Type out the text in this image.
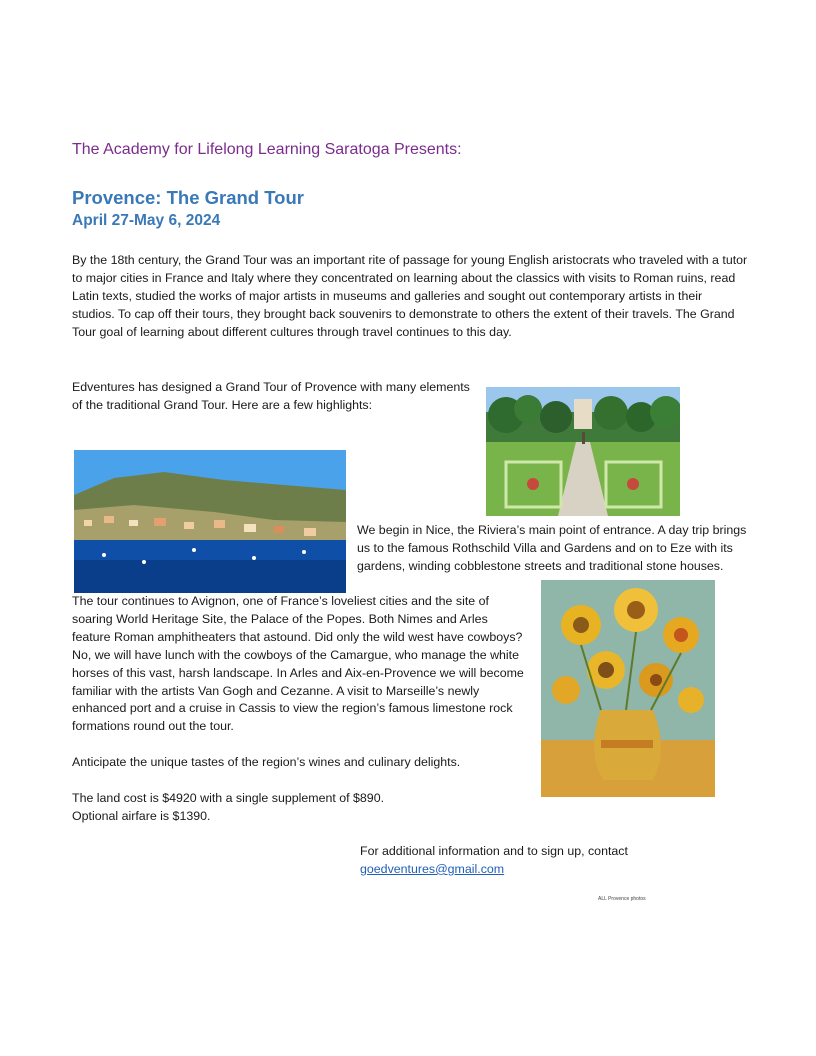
The Academy for Lifelong Learning Saratoga Presents:
Provence: The Grand Tour
April 27-May 6, 2024
By the 18th century, the Grand Tour was an important rite of passage for young English aristocrats who traveled with a tutor to major cities in France and Italy where they concentrated on learning about the classics with visits to Roman ruins, read Latin texts, studied the works of major artists in museums and galleries and sought out contemporary artists in their studios. To cap off their tours, they brought back souvenirs to demonstrate to others the extent of their travels. The Grand Tour goal of learning about different cultures through travel continues to this day.
Edventures has designed a Grand Tour of Provence with many elements of the traditional Grand Tour. Here are a few highlights:
We begin in Nice, the Riviera’s main point of entrance. A day trip brings us to the famous Rothschild Villa and Gardens and on to Eze with its gardens, winding cobblestone streets and traditional stone houses.
The tour continues to Avignon, one of France’s loveliest cities and the site of soaring World Heritage Site, the Palace of the Popes. Both Nimes and Arles feature Roman amphitheaters that astound. Did only the wild west have cowboys? No, we will have lunch with the cowboys of the Camargue, who manage the white horses of this vast, harsh landscape. In Arles and Aix-en-Provence we will become familiar with the artists Van Gogh and Cezanne. A visit to Marseille’s newly enhanced port and a cruise in Cassis to view the region’s famous limestone rock formations round out the tour.
Anticipate the unique tastes of the region’s wines and culinary delights.
The land cost is $4920 with a single supplement of $890.
Optional airfare is $1390.
For additional information and to sign up, contact
goedventures@gmail.com
ALL Provence photos
